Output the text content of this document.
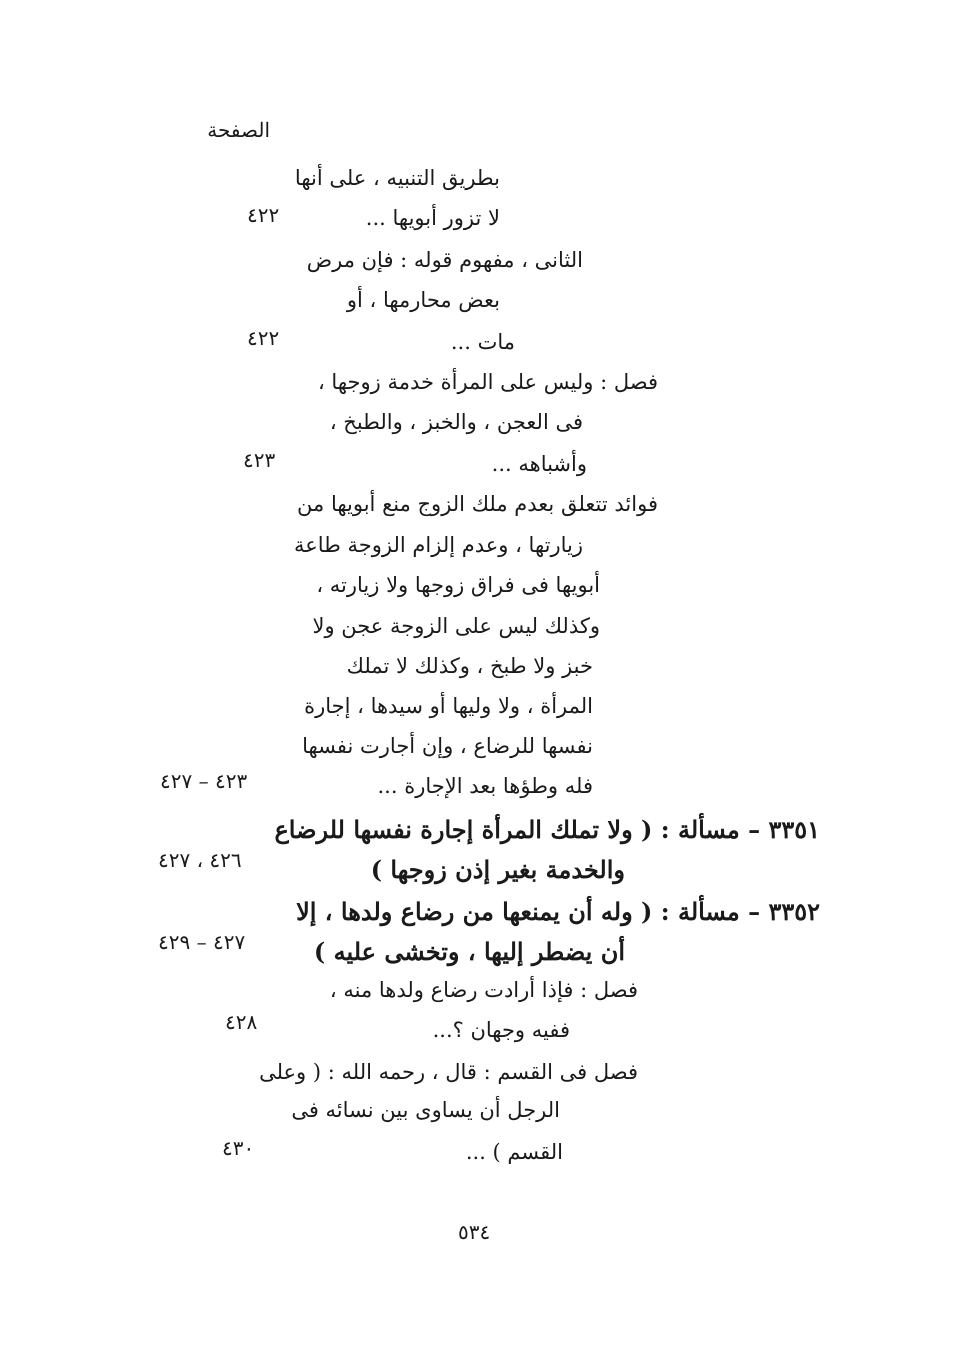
الصفحة
بطريق التنبيه ، على أنها
لا تزور أبويها ...
٤٢٢
الثانى ، مفهوم قوله : فإن مرض
بعض محارمها ، أو
مات ...
٤٢٢
فصل : وليس على المرأة خدمة زوجها ،
فى العجن ، والخبز ، والطبخ ،
وأشباهه ...
٤٢٣
فوائد تتعلق بعدم ملك الزوج منع أبويها من
زيارتها ، وعدم إلزام الزوجة طاعة
أبويها فى فراق زوجها ولا زيارته ،
وكذلك ليس على الزوجة عجن ولا
خبز ولا طبخ ، وكذلك لا تملك
المرأة ، ولا وليها أو سيدها ، إجارة
نفسها للرضاع ، وإن أجارت نفسها
فله وطؤها بعد الإجارة ...
٤٢٣ – ٤٢٧
٣٣٥١ – مسألة : ( ولا تملك المرأة إجارة نفسها للرضاع
والخدمة بغير إذن زوجها )
٤٢٦ ، ٤٢٧
٣٣٥٢ – مسألة : ( وله أن يمنعها من رضاع ولدها ، إلا
أن يضطر إليها ، وتخشى عليه )
٤٢٧ – ٤٢٩
فصل : فإذا أرادت رضاع ولدها منه ،
ففيه وجهان ؟...
٤٢٨
فصل فى القسم : قال ، رحمه الله : ( وعلى
الرجل أن يساوى بين نسائه فى
القسم ) ...
٤٣٠
٥٣٤
